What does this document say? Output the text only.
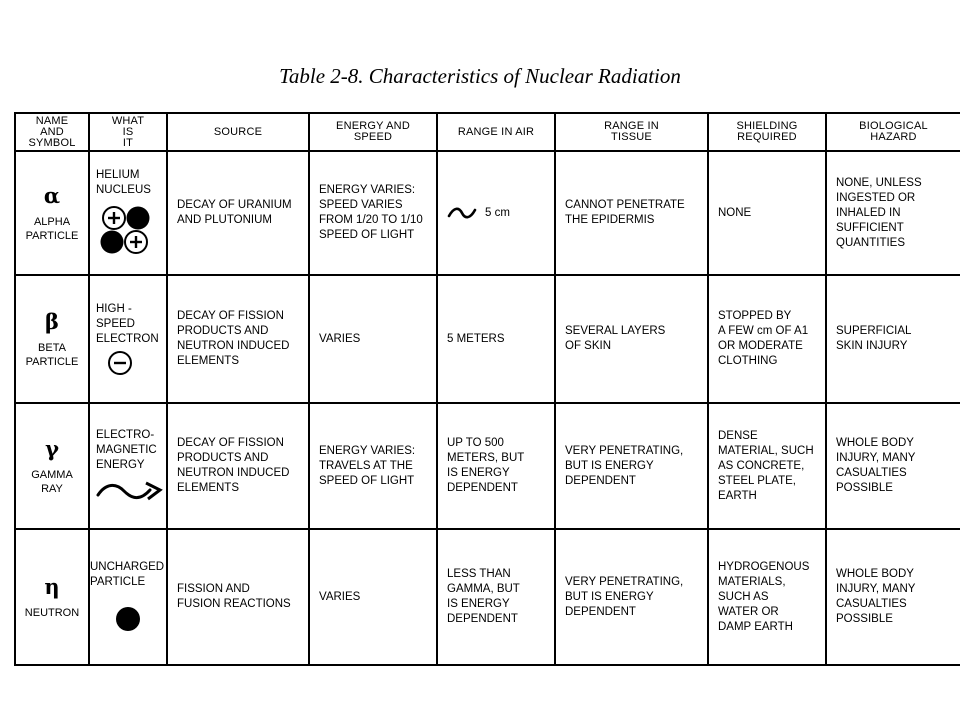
Table 2-8. Characteristics of Nuclear Radiation
NAME
AND
SYMBOL	WHAT
IS
IT	SOURCE	ENERGY AND
SPEED	RANGE IN AIR	RANGE IN
TISSUE	SHIELDING
REQUIRED	BIOLOGICAL
HAZARD

α
ALPHA
PARTICLE	HELIUM
NUCLEUS	DECAY OF URANIUM
AND PLUTONIUM	ENERGY VARIES:
SPEED VARIES
FROM 1/20 TO 1/10
SPEED OF LIGHT	5 cm	CANNOT PENETRATE
THE EPIDERMIS	NONE	NONE, UNLESS
INGESTED OR
INHALED IN
SUFFICIENT
QUANTITIES

β
BETA
PARTICLE	HIGH -
SPEED
ELECTRON	DECAY OF FISSION
PRODUCTS AND
NEUTRON INDUCED
ELEMENTS	VARIES	5 METERS	SEVERAL LAYERS
OF SKIN	STOPPED BY
A FEW cm OF A1
OR MODERATE
CLOTHING	SUPERFICIAL
SKIN INJURY

γ
GAMMA
RAY	ELECTRO-
MAGNETIC
ENERGY	DECAY OF FISSION
PRODUCTS AND
NEUTRON INDUCED
ELEMENTS	ENERGY VARIES:
TRAVELS AT THE
SPEED OF LIGHT	UP TO 500
METERS, BUT
IS ENERGY
DEPENDENT	VERY PENETRATING,
BUT IS ENERGY
DEPENDENT	DENSE
MATERIAL, SUCH
AS CONCRETE,
STEEL PLATE,
EARTH	WHOLE BODY
INJURY, MANY
CASUALTIES
POSSIBLE

η
NEUTRON	UNCHARGED
PARTICLE	FISSION AND
FUSION REACTIONS	VARIES	LESS THAN
GAMMA, BUT
IS ENERGY
DEPENDENT	VERY PENETRATING,
BUT IS ENERGY
DEPENDENT	HYDROGENOUS
MATERIALS,
SUCH AS
WATER OR
DAMP EARTH	WHOLE BODY
INJURY, MANY
CASUALTIES
POSSIBLE
